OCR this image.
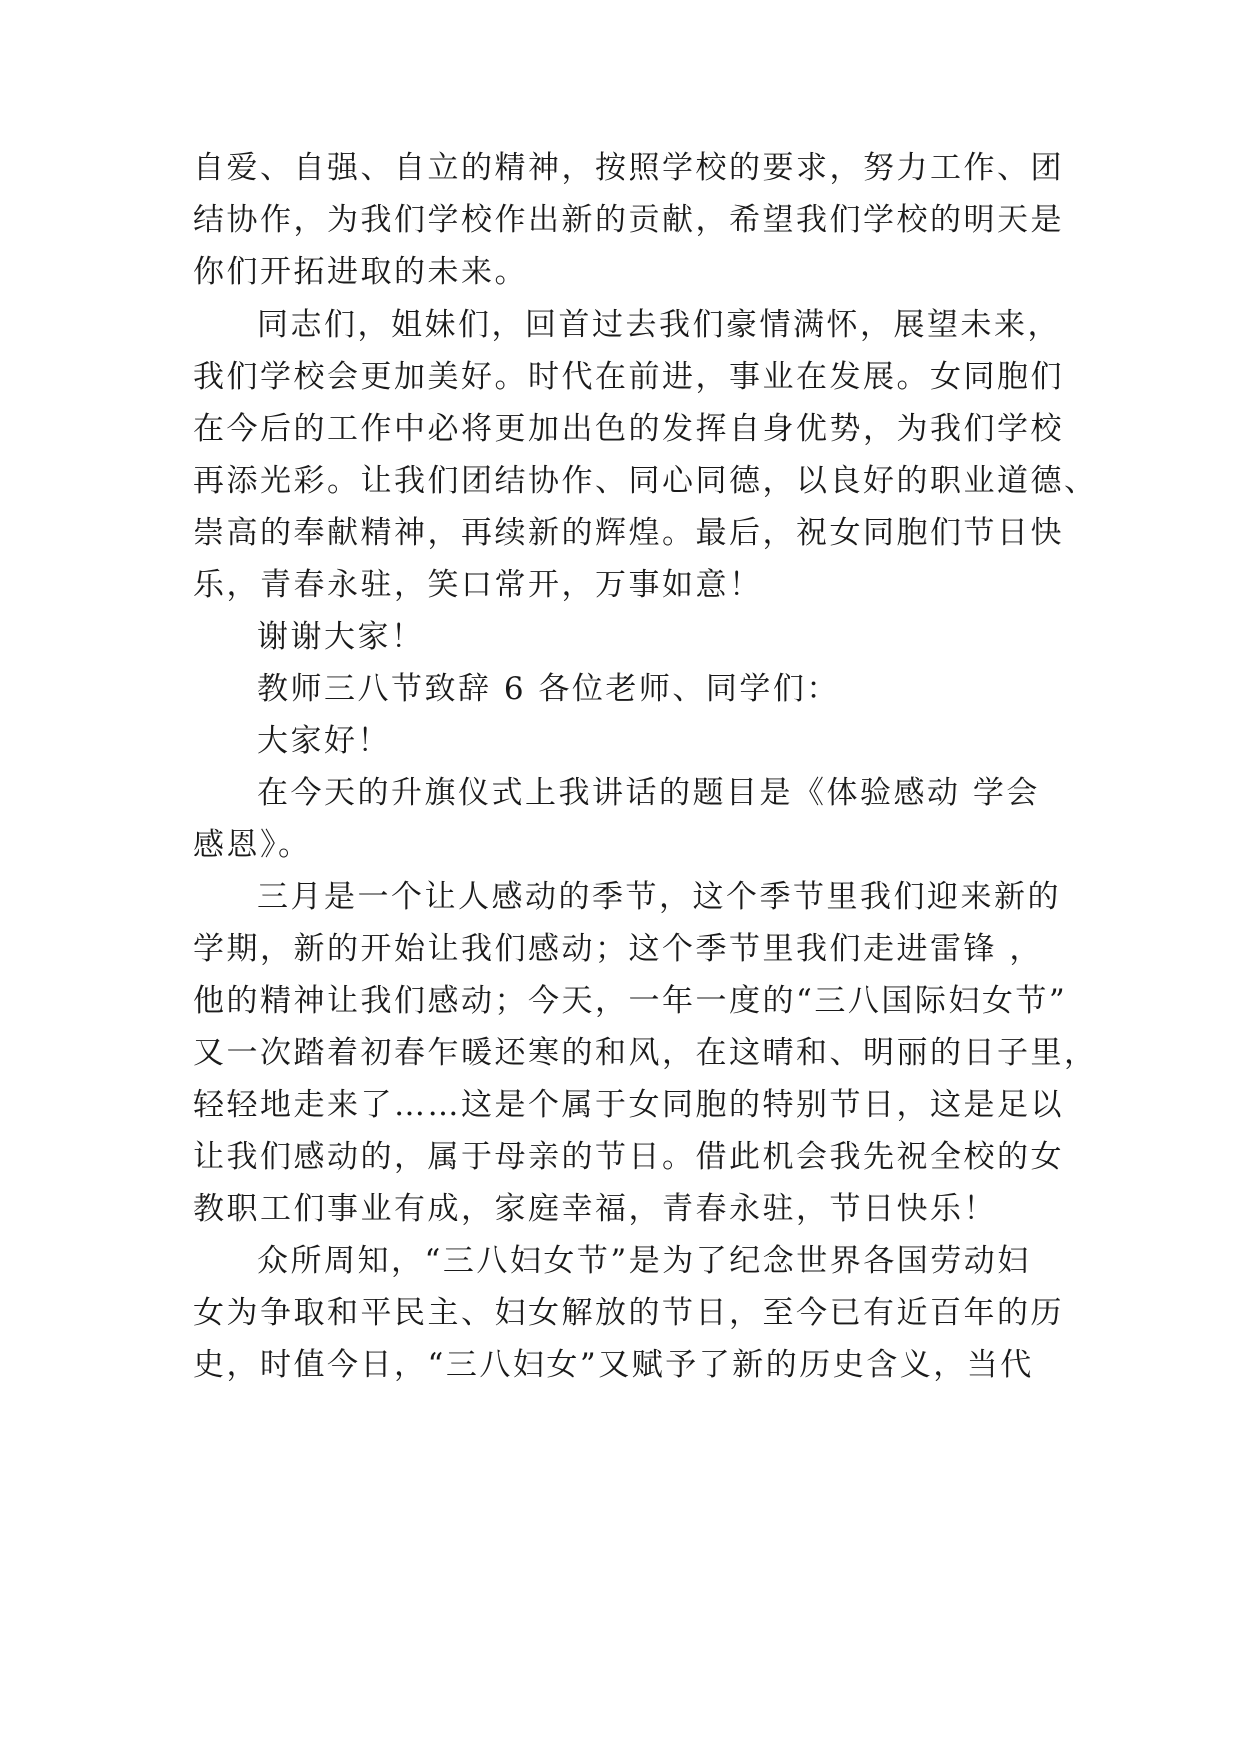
自爱、自强、自立的精神，按照学校的要求，努力工作、团
结协作，为我们学校作出新的贡献，希望我们学校的明天是
你们开拓进取的未来。
同志们，姐妹们，回首过去我们豪情满怀，展望未来，
我们学校会更加美好。时代在前进，事业在发展。女同胞们
在今后的工作中必将更加出色的发挥自身优势，为我们学校
再添光彩。让我们团结协作、同心同德，以良好的职业道德、
崇高的奉献精神，再续新的辉煌。最后，祝女同胞们节日快
乐，青春永驻，笑口常开，万事如意！
谢谢大家！
教师三八节致辞 6 各位老师、同学们：
大家好！
在今天的升旗仪式上我讲话的题目是《体验感动 学会
感恩》。
三月是一个让人感动的季节，这个季节里我们迎来新的
学期，新的开始让我们感动；这个季节里我们走进雷锋 ，
他的精神让我们感动；今天，一年一度的“三八国际妇女节”
又一次踏着初春乍暖还寒的和风，在这晴和、明丽的日子里，
轻轻地走来了……这是个属于女同胞的特别节日，这是足以
让我们感动的，属于母亲的节日。借此机会我先祝全校的女
教职工们事业有成，家庭幸福，青春永驻，节日快乐！
众所周知，“三八妇女节”是为了纪念世界各国劳动妇
女为争取和平民主、妇女解放的节日，至今已有近百年的历
史，时值今日，“三八妇女”又赋予了新的历史含义，当代
